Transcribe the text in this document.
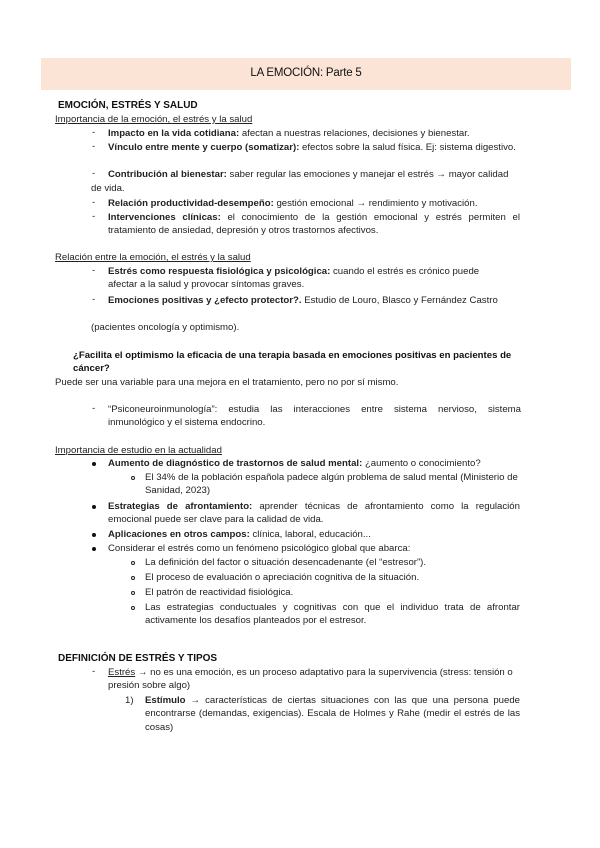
LA EMOCIÓN: Parte 5
EMOCIÓN, ESTRÉS Y SALUD
Importancia de la emoción, el estrés y la salud
- Impacto en la vida cotidiana: afectan a nuestras relaciones, decisiones y bienestar.
- Vínculo entre mente y cuerpo (somatizar): efectos sobre la salud física. Ej: sistema digestivo.
- Contribución al bienestar: saber regular las emociones y manejar el estrés → mayor calidad
de vida.
- Relación productividad-desempeño: gestión emocional → rendimiento y motivación.
- Intervenciones clínicas: el conocimiento de la gestión emocional y estrés permiten el tratamiento de ansiedad, depresión y otros trastornos afectivos.
Relación entre la emoción, el estrés y la salud
- Estrés como respuesta fisiológica y psicológica: cuando el estrés es crónico puede afectar a la salud y provocar síntomas graves.
- Emociones positivas y ¿efecto protector?. Estudio de Louro, Blasco y Fernández Castro
(pacientes oncología y optimismo).
¿Facilita el optimismo la eficacia de una terapia basada en emociones positivas en pacientes de cáncer?
Puede ser una variable para una mejora en el tratamiento, pero no por sí mismo.
- “Psiconeuroinmunología”: estudia las interacciones entre sistema nervioso, sistema inmunológico y el sistema endocrino.
Importancia de estudio en la actualidad
Aumento de diagnóstico de trastornos de salud mental: ¿aumento o conocimiento?
El 34% de la población española padece algún problema de salud mental (Ministerio de Sanidad, 2023)
Estrategias de afrontamiento: aprender técnicas de afrontamiento como la regulación emocional puede ser clave para la calidad de vida.
Aplicaciones en otros campos: clínica, laboral, educación...
Considerar el estrés como un fenómeno psicológico global que abarca:
La definición del factor o situación desencadenante (el “estresor”).
El proceso de evaluación o apreciación cognitiva de la situación.
El patrón de reactividad fisiológica.
Las estrategias conductuales y cognitivas con que el individuo trata de afrontar activamente los desafíos planteados por el estresor.
DEFINICIÓN DE ESTRÉS Y TIPOS
- Estrés → no es una emoción, es un proceso adaptativo para la supervivencia (stress: tensión o presión sobre algo)
1) Estímulo → características de ciertas situaciones con las que una persona puede encontrarse (demandas, exigencias). Escala de Holmes y Rahe (medir el estrés de las cosas)
